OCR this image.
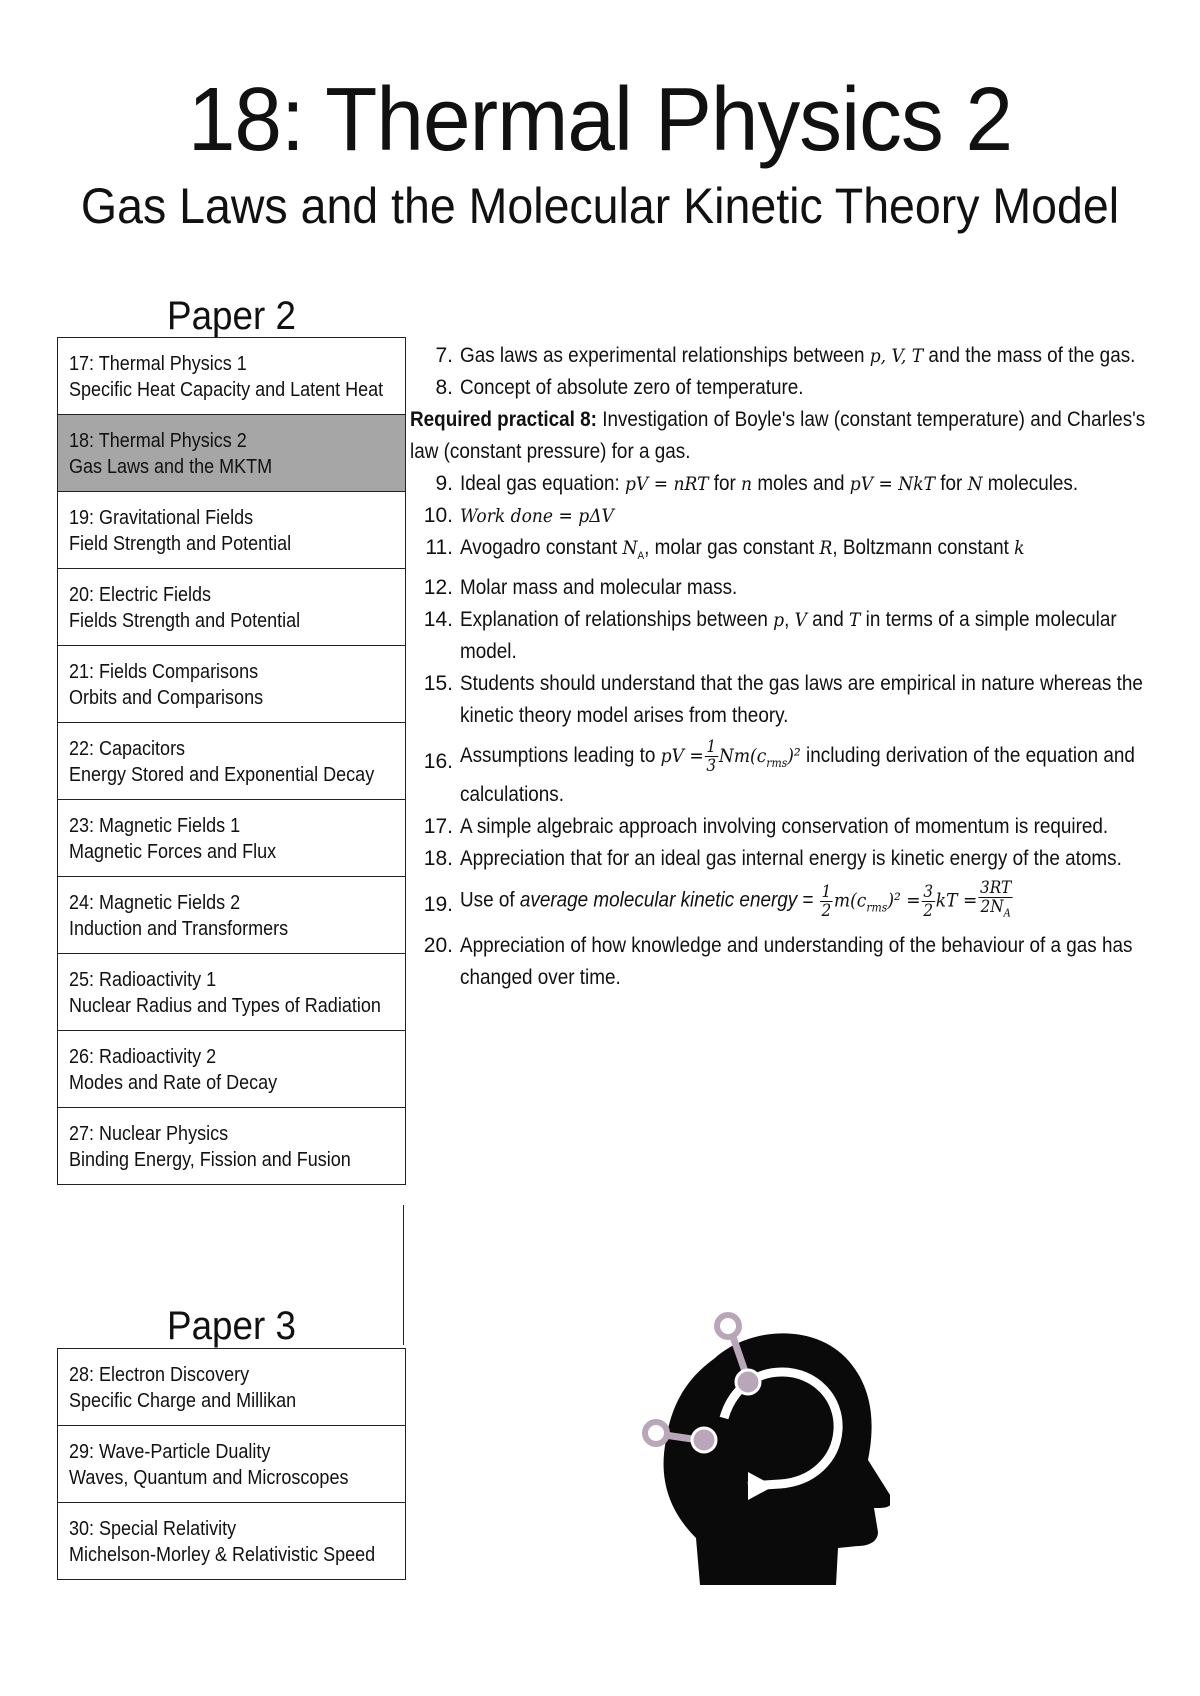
18: Thermal Physics 2
Gas Laws and the Molecular Kinetic Theory Model
Paper 2
17: Thermal Physics 1
Specific Heat Capacity and Latent Heat
18: Thermal Physics 2
Gas Laws and the MKTM
19: Gravitational Fields
Field Strength and Potential
20: Electric Fields
Fields Strength and Potential
21: Fields Comparisons
Orbits and Comparisons
22: Capacitors
Energy Stored and Exponential Decay
23: Magnetic Fields 1
Magnetic Forces and Flux
24: Magnetic Fields 2
Induction and Transformers
25: Radioactivity 1
Nuclear Radius and Types of Radiation
26: Radioactivity 2
Modes and Rate of Decay
27: Nuclear Physics
Binding Energy, Fission and Fusion
Paper 3
28: Electron Discovery
Specific Charge and Millikan
29: Wave-Particle Duality
Waves, Quantum and Microscopes
30: Special Relativity
Michelson-Morley & Relativistic Speed
7. Gas laws as experimental relationships between p, V, T and the mass of the gas.
8. Concept of absolute zero of temperature.
Required practical 8: Investigation of Boyle's law (constant temperature) and Charles's law (constant pressure) for a gas.
9. Ideal gas equation: pV = nRT for n moles and pV = NkT for N molecules.
10. Work done = pΔV
11. Avogadro constant $N_A$, molar gas constant R, Boltzmann constant k
12. Molar mass and molecular mass.
14. Explanation of relationships between p, V and T in terms of a simple molecular model.
15. Students should understand that the gas laws are empirical in nature whereas the kinetic theory model arises from theory.
16. Assumptions leading to pV = $\frac{1}{3} Nm(c_{rms})^2$ including derivation of the equation and calculations.
17. A simple algebraic approach involving conservation of momentum is required.
18. Appreciation that for an ideal gas internal energy is kinetic energy of the atoms.
19. Use of average molecular kinetic energy = $\frac{1}{2} m(c_{rms})^2 = \frac{3}{2}$ kT = $\frac{3RT}{2N_A}$
20. Appreciation of how knowledge and understanding of the behaviour of a gas has changed over time.
